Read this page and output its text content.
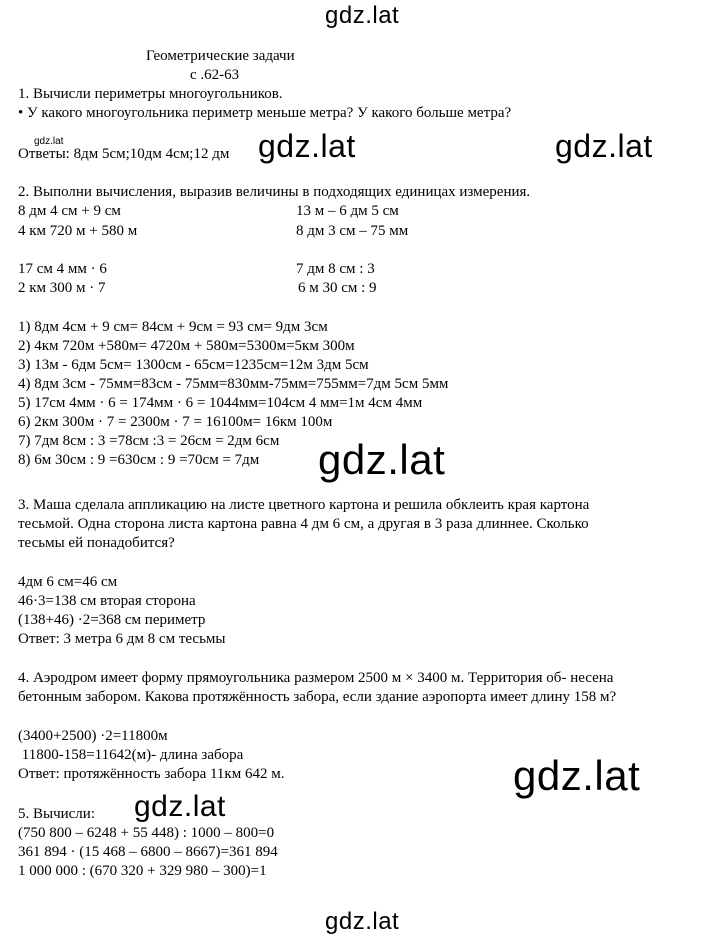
gdz.lat
gdz.lat
Геометрические задачи
с .62-63
1. Вычисли периметры многоугольников.
• У какого многоугольника периметр меньше метра? У какого больше метра?
Ответы: 8дм 5см;10дм 4см;12 дм gdz.lat	gdz.lat
2. Выполни вычисления, выразив величины в подходящих единицах измерения.
8 дм 4 см + 9 см	13 м – 6 дм 5 см
4 км 720 м + 580 м	8 дм 3 см – 75 мм
17 см 4 мм · 6	7 дм 8 см : 3
2 км 300 м · 7	6 м 30 см : 9
1) 8дм 4см + 9 см= 84см + 9см = 93 см= 9дм 3см
2) 4км 720м +580м= 4720м + 580м=5300м=5км 300м
3) 13м - 6дм 5см= 1300см - 65см=1235см=12м 3дм 5см
4) 8дм 3см - 75мм=83см - 75мм=830мм-75мм=755мм=7дм 5см 5мм
5) 17см 4мм · 6 = 174мм · 6 = 1044мм=104см 4 мм=1м 4см 4мм
6) 2км 300м · 7 = 2300м · 7 = 16100м= 16км 100м
7) 7дм 8см : 3 =78см :3 = 26см = 2дм 6см
8) 6м 30см : 9 =630см : 9 =70см = 7дм gdz.lat
3. Маша сделала аппликацию на листе цветного картона и решила обклеить края картона
тесьмой. Одна сторона листа картона равна 4 дм 6 см, а другая в 3 раза длиннее. Сколько
тесьмы ей понадобится?
4дм 6 см=46 см
46·3=138 см вторая сторона
(138+46) ·2=368 см периметр
Ответ: 3 метра 6 дм 8 см тесьмы
4. Аэродром имеет форму прямоугольника размером 2500 м × 3400 м. Территория об- несена
бетонным забором. Какова протяжённость забора, если здание аэропорта имеет длину 158 м?
(3400+2500) ·2=11800м
11800-158=11642(м)- длина забора
Ответ: протяжённость забора 11км 642 м.	gdz.lat
gdz.lat
5. Вычисли:
(750 800 – 6248 + 55 448) : 1000 – 800=0
361 894 · (15 468 – 6800 – 8667)=361 894
1 000 000 : (670 320 + 329 980 – 300)=1
gdz.lat
